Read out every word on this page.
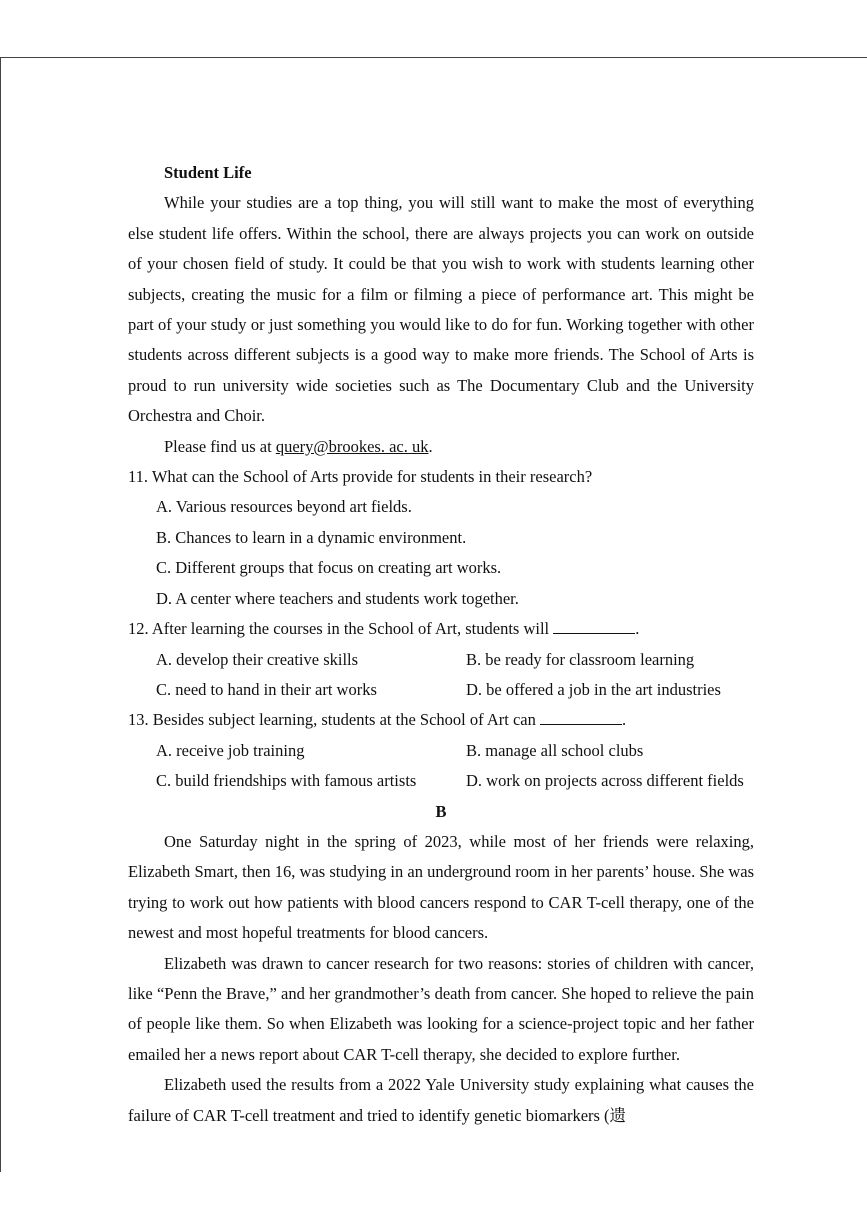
Student Life

While your studies are a top thing, you will still want to make the most of everything else student life offers. Within the school, there are always projects you can work on outside of your chosen field of study. It could be that you wish to work with students learning other subjects, creating the music for a film or filming a piece of performance art. This might be part of your study or just something you would like to do for fun. Working together with other students across different subjects is a good way to make more friends. The School of Arts is proud to run university wide societies such as The Documentary Club and the University Orchestra and Choir.

Please find us at query@brookes. ac. uk.

11. What can the School of Arts provide for students in their research?

A. Various resources beyond art fields.

B. Chances to learn in a dynamic environment.

C. Different groups that focus on creating art works.

D. A center where teachers and students work together.

12. After learning the courses in the School of Art, students will	.

A. develop their creative skills	B. be ready for classroom learning
C. need to hand in their art works	D. be offered a job in the art industries

13. Besides subject learning, students at the School of Art can	.

A. receive job training	B. manage all school clubs
C. build friendships with famous artists	D. work on projects across different fields

B

One Saturday night in the spring of 2023, while most of her friends were relaxing, Elizabeth Smart, then 16, was studying in an underground room in her parents’ house. She was trying to work out how patients with blood cancers respond to CAR T-cell therapy, one of the newest and most hopeful treatments for blood cancers.

Elizabeth was drawn to cancer research for two reasons: stories of children with cancer, like “Penn the Brave,” and her grandmother’s death from cancer. She hoped to relieve the pain of people like them. So when Elizabeth was looking for a science-project topic and her father emailed her a news report about CAR T-cell therapy, she decided to explore further.

Elizabeth used the results from a 2022 Yale University study explaining what causes the failure of CAR T-cell treatment and tried to identify genetic biomarkers (遗
